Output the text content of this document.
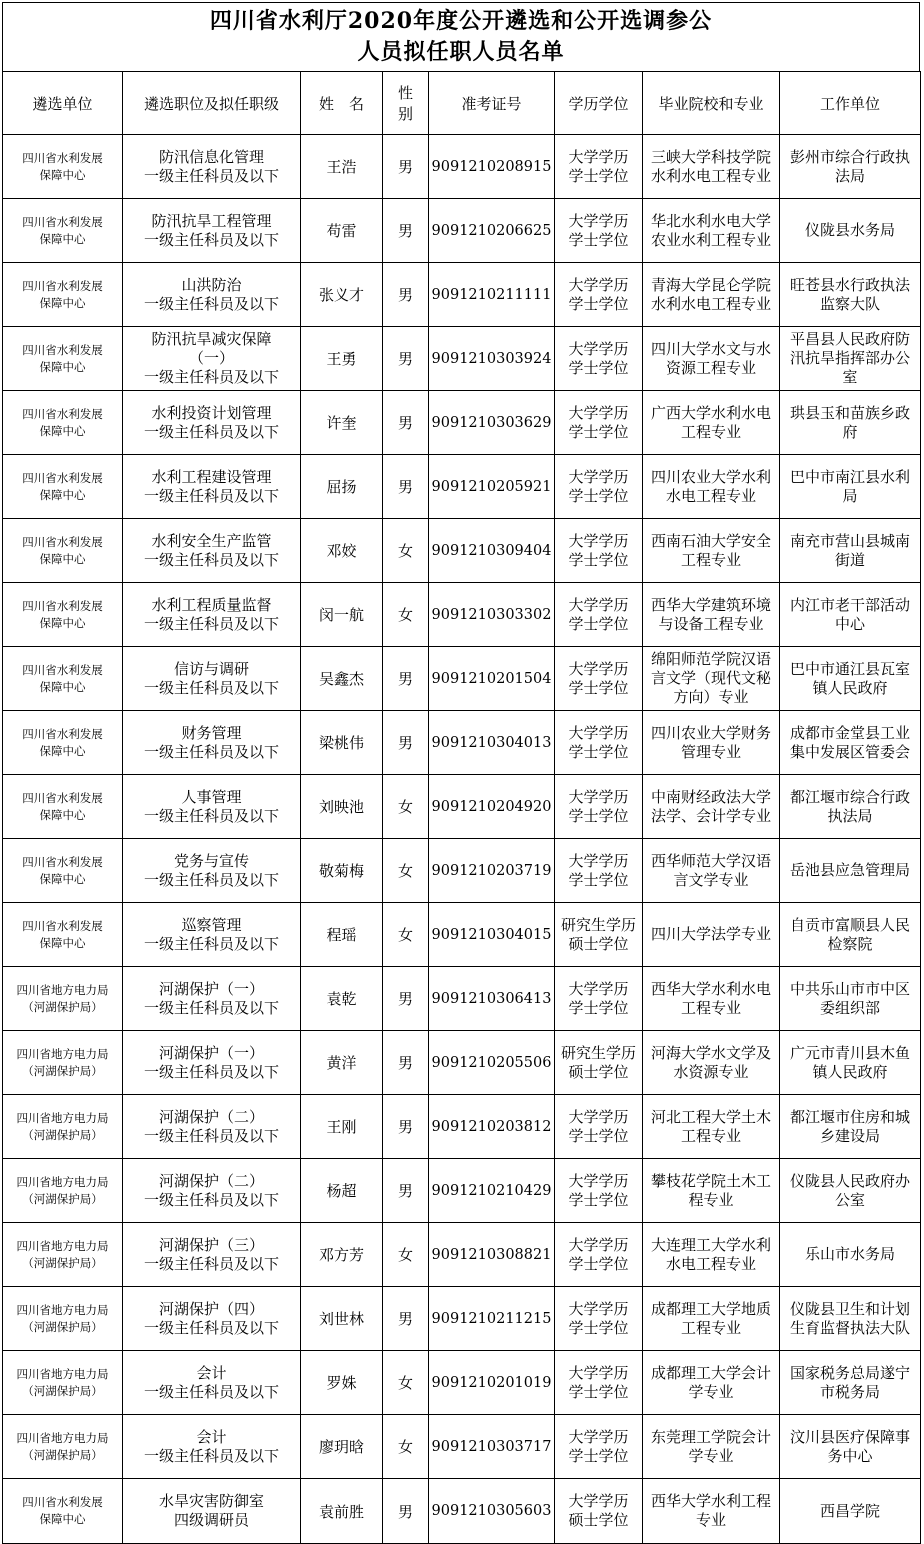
四川省水利厅2020年度公开遴选和公开选调参公
人员拟任职人员名单
遴选单位	遴选职位及拟任职级	姓　名	性
别	准考证号	学历学位	毕业院校和专业	工作单位

四川省水利发展
保障中心	防汛信息化管理
一级主任科员及以下	王浩	男	9091210208915	大学学历
学士学位	三峡大学科技学院
水利水电工程专业	彭州市综合行政执
法局

四川省水利发展
保障中心	防汛抗旱工程管理
一级主任科员及以下	苟雷	男	9091210206625	大学学历
学士学位	华北水利水电大学
农业水利工程专业	仪陇县水务局

四川省水利发展
保障中心	山洪防治
一级主任科员及以下	张义才	男	9091210211111	大学学历
学士学位	青海大学昆仑学院
水利水电工程专业	旺苍县水行政执法
监察大队

四川省水利发展
保障中心	防汛抗旱减灾保障
（一）
一级主任科员及以下	王勇	男	9091210303924	大学学历
学士学位	四川大学水文与水
资源工程专业	平昌县人民政府防
汛抗旱指挥部办公
室

四川省水利发展
保障中心	水利投资计划管理
一级主任科员及以下	许奎	男	9091210303629	大学学历
学士学位	广西大学水利水电
工程专业	珙县玉和苗族乡政
府

四川省水利发展
保障中心	水利工程建设管理
一级主任科员及以下	屈扬	男	9091210205921	大学学历
学士学位	四川农业大学水利
水电工程专业	巴中市南江县水利
局

四川省水利发展
保障中心	水利安全生产监管
一级主任科员及以下	邓姣	女	9091210309404	大学学历
学士学位	西南石油大学安全
工程专业	南充市营山县城南
街道

四川省水利发展
保障中心	水利工程质量监督
一级主任科员及以下	闵一航	女	9091210303302	大学学历
学士学位	西华大学建筑环境
与设备工程专业	内江市老干部活动
中心

四川省水利发展
保障中心	信访与调研
一级主任科员及以下	吴鑫杰	男	9091210201504	大学学历
学士学位	绵阳师范学院汉语
言文学（现代文秘
方向）专业	巴中市通江县瓦室
镇人民政府

四川省水利发展
保障中心	财务管理
一级主任科员及以下	梁桃伟	男	9091210304013	大学学历
学士学位	四川农业大学财务
管理专业	成都市金堂县工业
集中发展区管委会

四川省水利发展
保障中心	人事管理
一级主任科员及以下	刘映池	女	9091210204920	大学学历
学士学位	中南财经政法大学
法学、会计学专业	都江堰市综合行政
执法局

四川省水利发展
保障中心	党务与宣传
一级主任科员及以下	敬菊梅	女	9091210203719	大学学历
学士学位	西华师范大学汉语
言文学专业	岳池县应急管理局

四川省水利发展
保障中心	巡察管理
一级主任科员及以下	程瑶	女	9091210304015	研究生学历
硕士学位	四川大学法学专业	自贡市富顺县人民
检察院

四川省地方电力局
（河湖保护局）	河湖保护（一）
一级主任科员及以下	袁乾	男	9091210306413	大学学历
学士学位	西华大学水利水电
工程专业	中共乐山市市中区
委组织部

四川省地方电力局
（河湖保护局）	河湖保护（一）
一级主任科员及以下	黄洋	男	9091210205506	研究生学历
硕士学位	河海大学水文学及
水资源专业	广元市青川县木鱼
镇人民政府

四川省地方电力局
（河湖保护局）	河湖保护（二）
一级主任科员及以下	王刚	男	9091210203812	大学学历
学士学位	河北工程大学土木
工程专业	都江堰市住房和城
乡建设局

四川省地方电力局
（河湖保护局）	河湖保护（二）
一级主任科员及以下	杨超	男	9091210210429	大学学历
学士学位	攀枝花学院土木工
程专业	仪陇县人民政府办
公室

四川省地方电力局
（河湖保护局）	河湖保护（三）
一级主任科员及以下	邓方芳	女	9091210308821	大学学历
学士学位	大连理工大学水利
水电工程专业	乐山市水务局

四川省地方电力局
（河湖保护局）	河湖保护（四）
一级主任科员及以下	刘世林	男	9091210211215	大学学历
学士学位	成都理工大学地质
工程专业	仪陇县卫生和计划
生育监督执法大队

四川省地方电力局
（河湖保护局）	会计
一级主任科员及以下	罗姝	女	9091210201019	大学学历
学士学位	成都理工大学会计
学专业	国家税务总局遂宁
市税务局

四川省地方电力局
（河湖保护局）	会计
一级主任科员及以下	廖玥晗	女	9091210303717	大学学历
学士学位	东莞理工学院会计
学专业	汶川县医疗保障事
务中心

四川省水利发展
保障中心	水旱灾害防御室
四级调研员	袁前胜	男	9091210305603	大学学历
硕士学位	西华大学水利工程
专业	西昌学院
